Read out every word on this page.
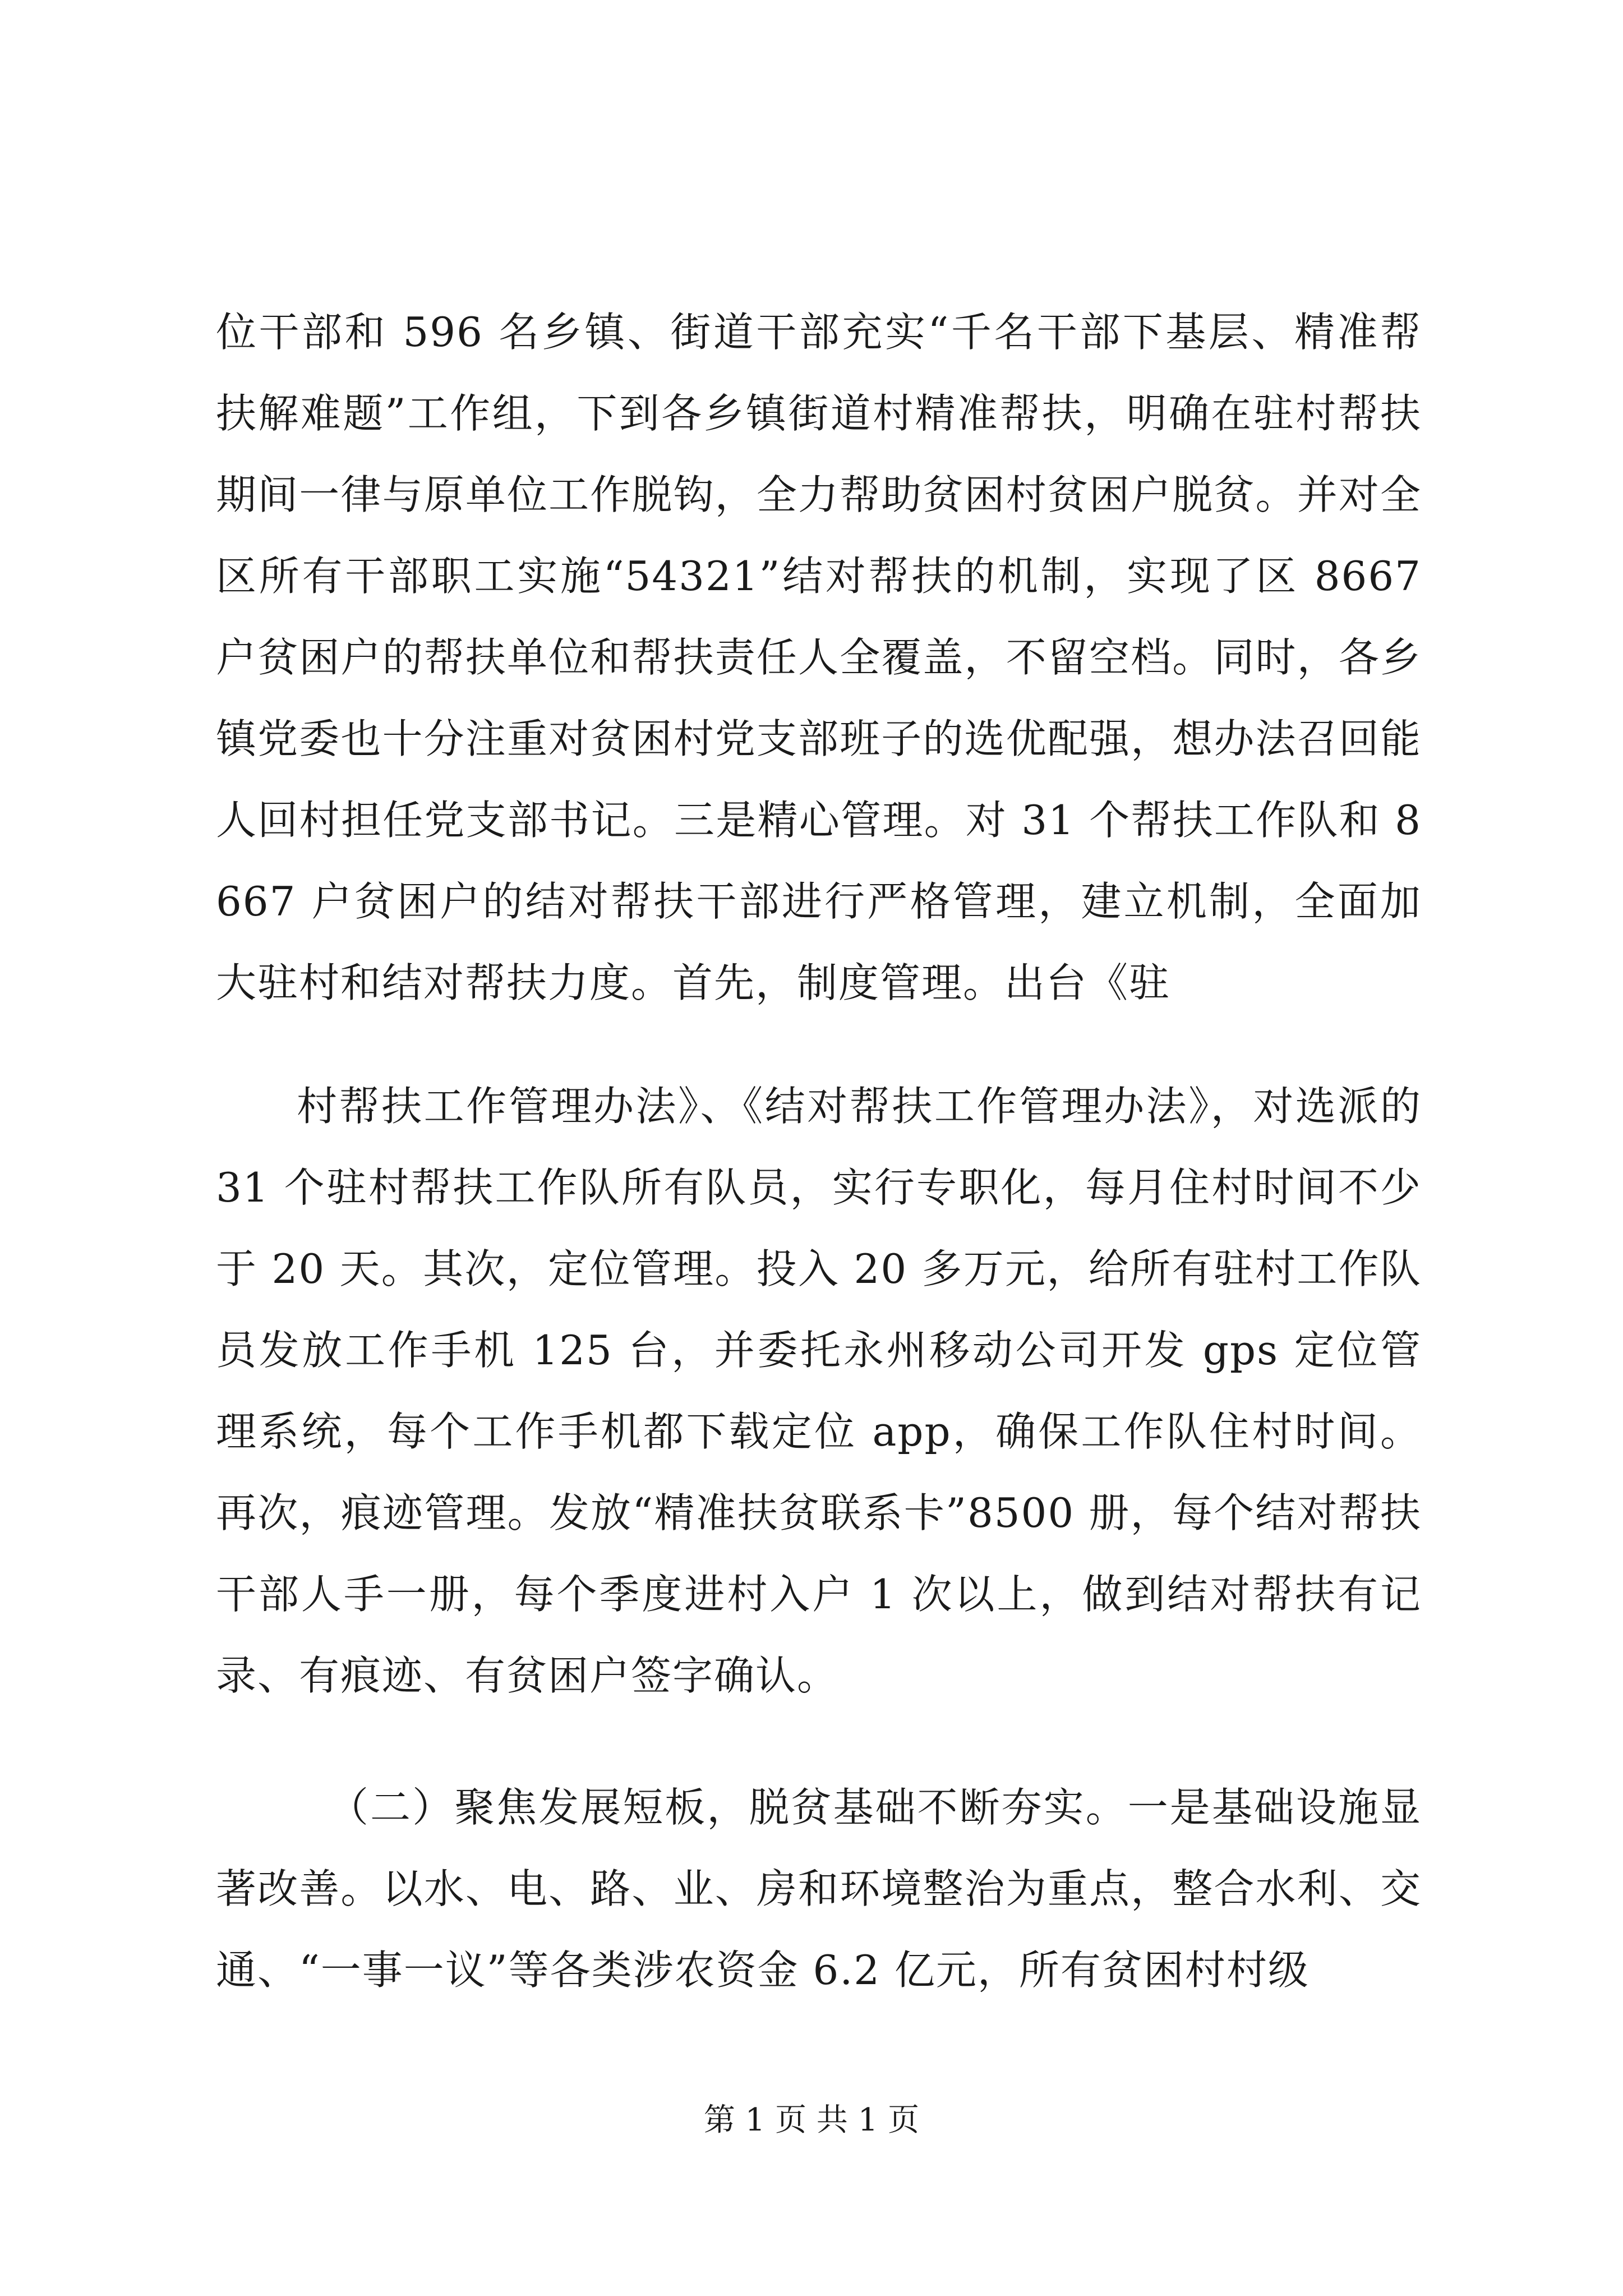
位干部和 596 名乡镇、街道干部充实“千名干部下基层、精准帮扶解难题”工作组，下到各乡镇街道村精准帮扶，明确在驻村帮扶期间一律与原单位工作脱钩，全力帮助贫困村贫困户脱贫。并对全区所有干部职工实施“54321”结对帮扶的机制，实现了区 8667 户贫困户的帮扶单位和帮扶责任人全覆盖，不留空档。同时，各乡镇党委也十分注重对贫困村党支部班子的选优配强，想办法召回能人回村担任党支部书记。三是精心管理。对 31 个帮扶工作队和 8667 户贫困户的结对帮扶干部进行严格管理，建立机制，全面加大驻村和结对帮扶力度。首先，制度管理。出台《驻

村帮扶工作管理办法》、《结对帮扶工作管理办法》，对选派的 31 个驻村帮扶工作队所有队员，实行专职化，每月住村时间不少于 20 天。其次，定位管理。投入 20 多万元，给所有驻村工作队员发放工作手机 125 台，并委托永州移动公司开发 gps 定位管理系统，每个工作手机都下载定位 app，确保工作队住村时间。再次，痕迹管理。发放“精准扶贫联系卡”8500 册，每个结对帮扶干部人手一册，每个季度进村入户 1 次以上，做到结对帮扶有记录、有痕迹、有贫困户签字确认。

（二）聚焦发展短板，脱贫基础不断夯实。一是基础设施显著改善。以水、电、路、业、房和环境整治为重点，整合水利、交通、“一事一议”等各类涉农资金 6.2 亿元，所有贫困村村级

第 1 页 共 1 页
